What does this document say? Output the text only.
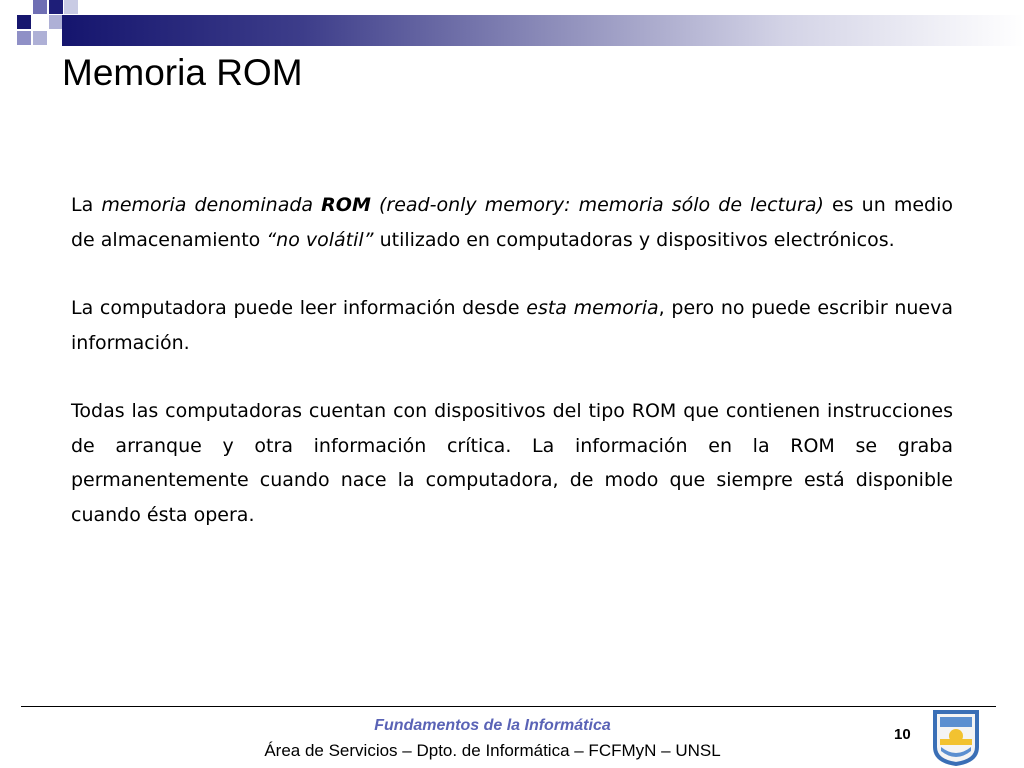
Memoria ROM

La memoria denominada ROM (read-only memory: memoria sólo de lectura) es un medio de almacenamiento “no volátil” utilizado en computadoras y dispositivos electrónicos.

La computadora puede leer información desde esta memoria, pero no puede escribir nueva información.

Todas las computadoras cuentan con dispositivos del tipo ROM que contienen instrucciones de arranque y otra información crítica. La información en la ROM se graba permanentemente cuando nace la computadora, de modo que siempre está disponible cuando ésta opera.

Fundamentos de la Informática
Área de Servicios – Dpto. de Informática – FCFMyN – UNSL
10
